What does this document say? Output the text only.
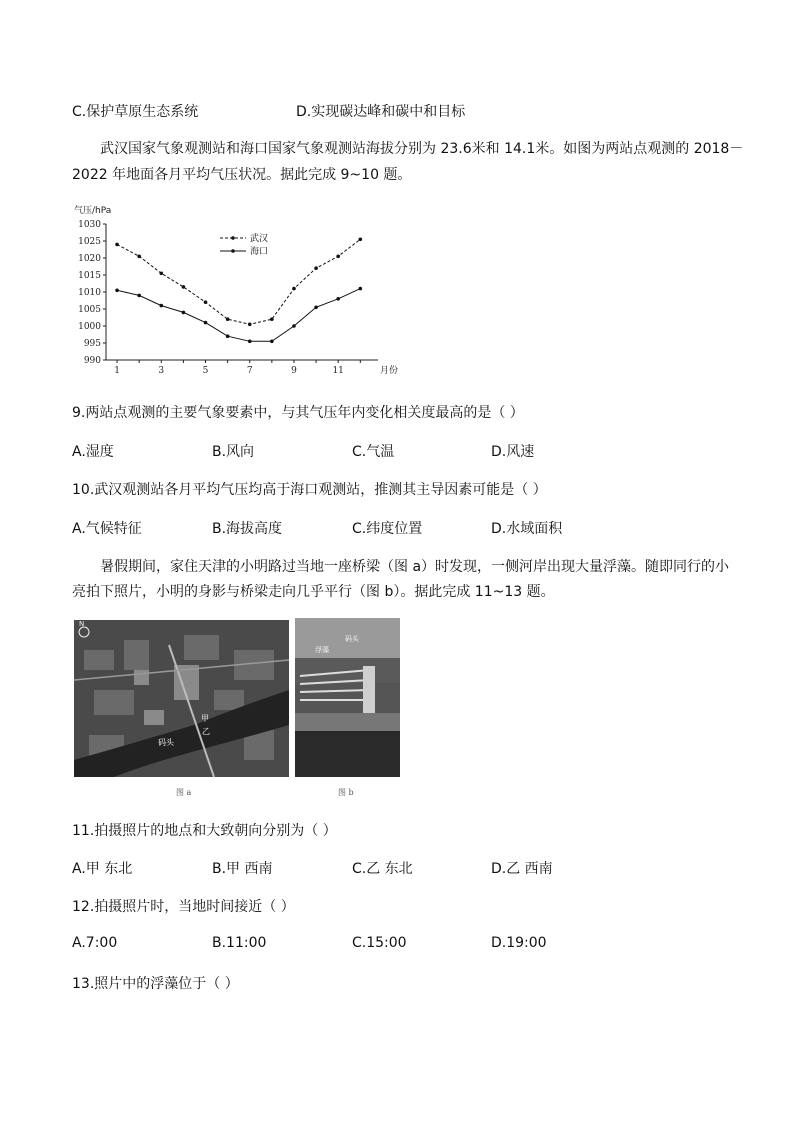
C.保护草原生态系统	D.实现碳达峰和碳中和目标
武汉国家气象观测站和海口国家气象观测站海拔分别为 23.6米和 14.1米。如图为两站点观测的 2018－
2022 年地面各月平均气压状况。据此完成 9~10 题。
990
995
1000
1005
1010
1015
1020
1025
1030
1	3	5	7	9	11
气压/hPa
月份
武汉
海口
9.两站点观测的主要气象要素中，与其气压年内变化相关度最高的是（ ）
A.湿度	B.风向	C.气温	D.风速
10.武汉观测站各月平均气压均高于海口观测站，推测其主导因素可能是（ ）
A.气候特征	B.海拔高度	C.纬度位置	D.水域面积
暑假期间，家住天津的小明路过当地一座桥梁（图 a）时发现，一侧河岸出现大量浮藻。随即同行的小
亮拍下照片，小明的身影与桥梁走向几乎平行（图 b）。据此完成 11~13 题。
N
甲
乙
码头
图 a
码头
浮藻
图 b
11.拍摄照片的地点和大致朝向分别为（ ）
A.甲 东北	B.甲 西南	C.乙 东北	D.乙 西南
12.拍摄照片时，当地时间接近（ ）
A.7:00	B.11:00	C.15:00	D.19:00
13.照片中的浮藻位于（ ）
